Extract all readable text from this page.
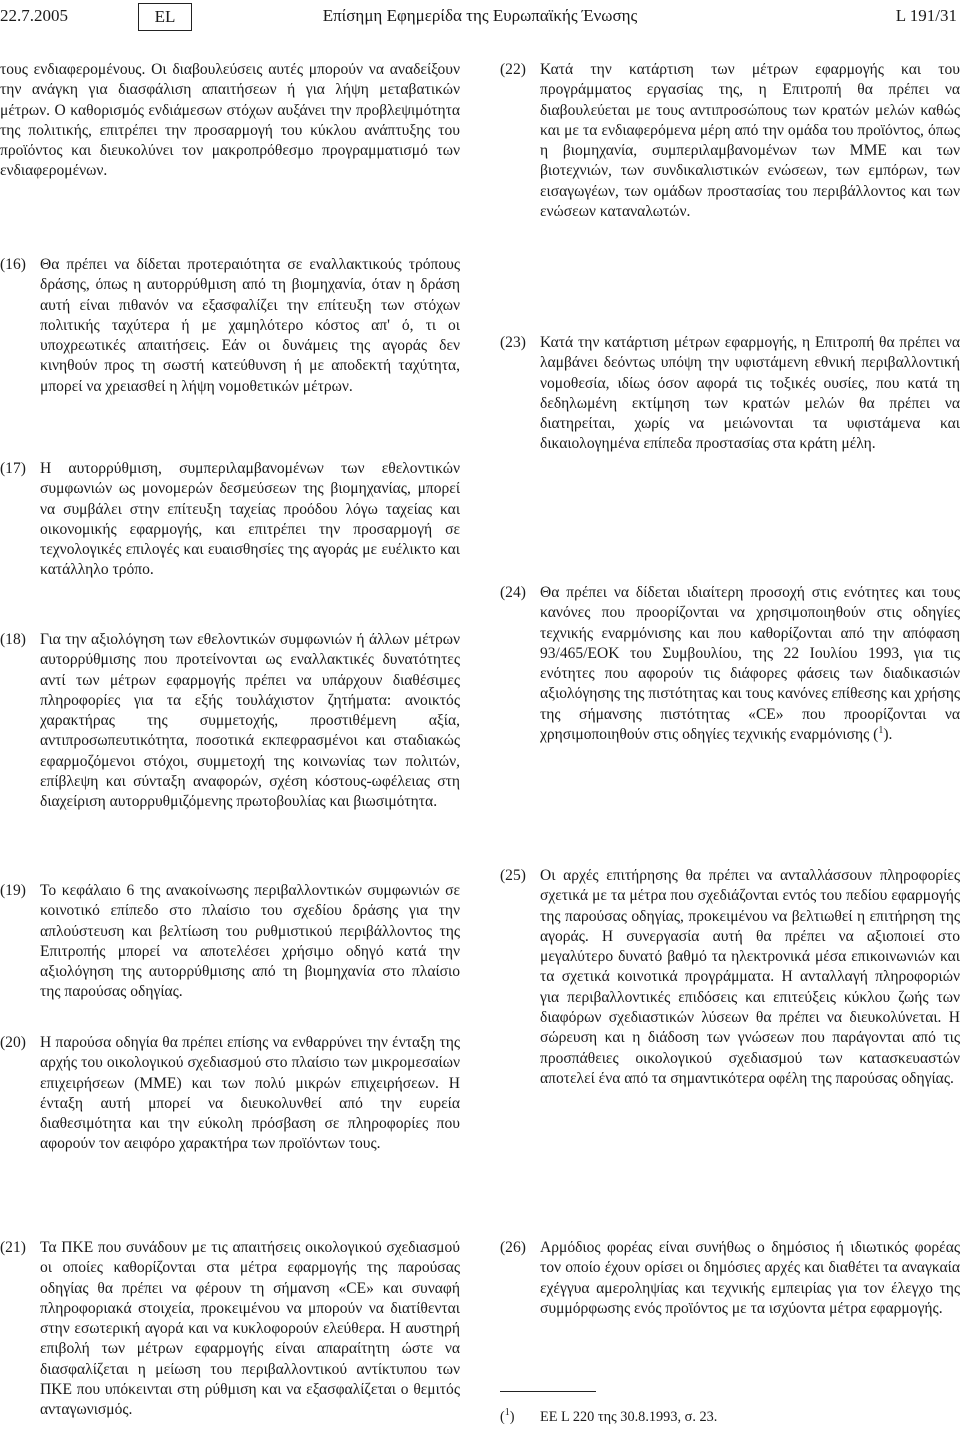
22.7.2005	Επίσημη Εφημερίδα της Ευρωπαϊκής Ένωσης
EL	L 191/31
τους ενδιαφερομένους. Οι διαβουλεύσεις αυτές μπορούν να αναδείξουν την ανάγκη για διασφάλιση απαιτήσεων ή για λήψη μεταβατικών μέτρων. Ο καθορισμός ενδιάμεσων στόχων αυξάνει την προβλεψιμότητα της πολιτικής, επιτρέπει την προσαρμογή του κύκλου ανάπτυξης του προϊόντος και διευκολύνει τον μακροπρόθεσμο προγραμματισμό των ενδιαφερομένων.
(16) Θα πρέπει να δίδεται προτεραιότητα σε εναλλακτικούς τρόπους δράσης, όπως η αυτορρύθμιση από τη βιομηχανία, όταν η δράση αυτή είναι πιθανόν να εξασφαλίζει την επίτευξη των στόχων πολιτικής ταχύτερα ή με χαμηλότερο κόστος απ' ό, τι οι υποχρεωτικές απαιτήσεις. Εάν οι δυνάμεις της αγοράς δεν κινηθούν προς τη σωστή κατεύθυνση ή με αποδεκτή ταχύτητα, μπορεί να χρειασθεί η λήψη νομοθετικών μέτρων.
(17) Η αυτορρύθμιση, συμπεριλαμβανομένων των εθελοντικών συμφωνιών ως μονομερών δεσμεύσεων της βιομηχανίας, μπορεί να συμβάλει στην επίτευξη ταχείας προόδου λόγω ταχείας και οικονομικής εφαρμογής, και επιτρέπει την προσαρμογή σε τεχνολογικές επιλογές και ευαισθησίες της αγοράς με ευέλικτο και κατάλληλο τρόπο.
(18) Για την αξιολόγηση των εθελοντικών συμφωνιών ή άλλων μέτρων αυτορρύθμισης που προτείνονται ως εναλλακτικές δυνατότητες αντί των μέτρων εφαρμογής πρέπει να υπάρχουν διαθέσιμες πληροφορίες για τα εξής τουλάχιστον ζητήματα: ανοικτός χαρακτήρας της συμμετοχής, προστιθέμενη αξία, αντιπροσωπευτικότητα, ποσοτικά εκπεφρασμένοι και σταδιακώς εφαρμοζόμενοι στόχοι, συμμετοχή της κοινωνίας των πολιτών, επίβλεψη και σύνταξη αναφορών, σχέση κόστους-ωφέλειας στη διαχείριση αυτορρυθμιζόμενης πρωτοβουλίας και βιωσιμότητα.
(19) Το κεφάλαιο 6 της ανακοίνωσης περιβαλλοντικών συμφωνιών σε κοινοτικό επίπεδο στο πλαίσιο του σχεδίου δράσης για την απλούστευση και βελτίωση του ρυθμιστικού περιβάλλοντος της Επιτροπής μπορεί να αποτελέσει χρήσιμο οδηγό κατά την αξιολόγηση της αυτορρύθμισης από τη βιομηχανία στο πλαίσιο της παρούσας οδηγίας.
(20) Η παρούσα οδηγία θα πρέπει επίσης να ενθαρρύνει την ένταξη της αρχής του οικολογικού σχεδιασμού στο πλαίσιο των μικρομεσαίων επιχειρήσεων (ΜΜΕ) και των πολύ μικρών επιχειρήσεων. Η ένταξη αυτή μπορεί να διευκολυνθεί από την ευρεία διαθεσιμότητα και την εύκολη πρόσβαση σε πληροφορίες που αφορούν τον αειφόρο χαρακτήρα των προϊόντων τους.
(21) Τα ΠΚΕ που συνάδουν με τις απαιτήσεις οικολογικού σχεδιασμού οι οποίες καθορίζονται στα μέτρα εφαρμογής της παρούσας οδηγίας θα πρέπει να φέρουν τη σήμανση «CE» και συναφή πληροφοριακά στοιχεία, προκειμένου να μπορούν να διατίθενται στην εσωτερική αγορά και να κυκλοφορούν ελεύθερα. Η αυστηρή επιβολή των μέτρων εφαρμογής είναι απαραίτητη ώστε να διασφαλίζεται η μείωση του περιβαλλοντικού αντίκτυπου των ΠΚΕ που υπόκεινται στη ρύθμιση και να εξασφαλίζεται ο θεμιτός ανταγωνισμός.
(22) Κατά την κατάρτιση των μέτρων εφαρμογής και του προγράμματος εργασίας της, η Επιτροπή θα πρέπει να διαβουλεύεται με τους αντιπροσώπους των κρατών μελών καθώς και με τα ενδιαφερόμενα μέρη από την ομάδα του προϊόντος, όπως η βιομηχανία, συμπεριλαμβανομένων των ΜΜΕ και των βιοτεχνιών, των συνδικαλιστικών ενώσεων, των εμπόρων, των εισαγωγέων, των ομάδων προστασίας του περιβάλλοντος και των ενώσεων καταναλωτών.
(23) Κατά την κατάρτιση μέτρων εφαρμογής, η Επιτροπή θα πρέπει να λαμβάνει δεόντως υπόψη την υφιστάμενη εθνική περιβαλλοντική νομοθεσία, ιδίως όσον αφορά τις τοξικές ουσίες, που κατά τη δεδηλωμένη εκτίμηση των κρατών μελών θα πρέπει να διατηρείται, χωρίς να μειώνονται τα υφιστάμενα και δικαιολογημένα επίπεδα προστασίας στα κράτη μέλη.
(24) Θα πρέπει να δίδεται ιδιαίτερη προσοχή στις ενότητες και τους κανόνες που προορίζονται να χρησιμοποιηθούν στις οδηγίες τεχνικής εναρμόνισης και που καθορίζονται από την απόφαση 93/465/ΕΟΚ του Συμβουλίου, της 22 Ιουλίου 1993, για τις ενότητες που αφορούν τις διάφορες φάσεις των διαδικασιών αξιολόγησης της πιστότητας και τους κανόνες επίθεσης και χρήσης της σήμανσης πιστότητας «CE» που προορίζονται να χρησιμοποιηθούν στις οδηγίες τεχνικής εναρμόνισης ($^1$).
(25) Οι αρχές επιτήρησης θα πρέπει να ανταλλάσσουν πληροφορίες σχετικά με τα μέτρα που σχεδιάζονται εντός του πεδίου εφαρμογής της παρούσας οδηγίας, προκειμένου να βελτιωθεί η επιτήρηση της αγοράς. Η συνεργασία αυτή θα πρέπει να αξιοποιεί στο μεγαλύτερο δυνατό βαθμό τα ηλεκτρονικά μέσα επικοινωνιών και τα σχετικά κοινοτικά προγράμματα. Η ανταλλαγή πληροφοριών για περιβαλλοντικές επιδόσεις και επιτεύξεις κύκλου ζωής των διαφόρων σχεδιαστικών λύσεων θα πρέπει να διευκολύνεται. Η σώρευση και η διάδοση των γνώσεων που παράγονται από τις προσπάθειες οικολογικού σχεδιασμού των κατασκευαστών αποτελεί ένα από τα σημαντικότερα οφέλη της παρούσας οδηγίας.
(26) Αρμόδιος φορέας είναι συνήθως ο δημόσιος ή ιδιωτικός φορέας τον οποίο έχουν ορίσει οι δημόσιες αρχές και διαθέτει τα αναγκαία εχέγγυα αμεροληψίας και τεχνικής εμπειρίας για τον έλεγχο της συμμόρφωσης ενός προϊόντος με τα ισχύοντα μέτρα εφαρμογής.
($^1$) ΕΕ L 220 της 30.8.1993, σ. 23.
